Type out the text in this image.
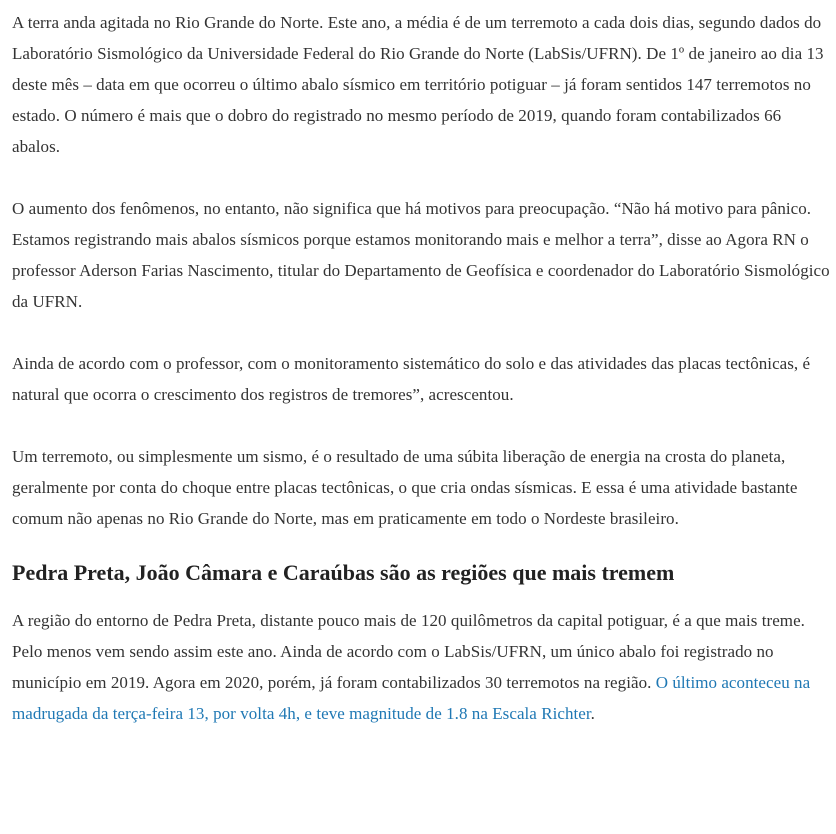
A terra anda agitada no Rio Grande do Norte. Este ano, a média é de um terremoto a cada dois dias, segundo dados do Laboratório Sismológico da Universidade Federal do Rio Grande do Norte (LabSis/UFRN). De 1º de janeiro ao dia 13 deste mês – data em que ocorreu o último abalo sísmico em território potiguar – já foram sentidos 147 terremotos no estado. O número é mais que o dobro do registrado no mesmo período de 2019, quando foram contabilizados 66 abalos.

O aumento dos fenômenos, no entanto, não significa que há motivos para preocupação. “Não há motivo para pânico. Estamos registrando mais abalos sísmicos porque estamos monitorando mais e melhor a terra”, disse ao Agora RN o professor Aderson Farias Nascimento, titular do Departamento de Geofísica e coordenador do Laboratório Sismológico da UFRN.

Ainda de acordo com o professor, com o monitoramento sistemático do solo e das atividades das placas tectônicas, é natural que ocorra o crescimento dos registros de tremores”, acrescentou.

Um terremoto, ou simplesmente um sismo, é o resultado de uma súbita liberação de energia na crosta do planeta, geralmente por conta do choque entre placas tectônicas, o que cria ondas sísmicas. E essa é uma atividade bastante comum não apenas no Rio Grande do Norte, mas em praticamente em todo o Nordeste brasileiro.

Pedra Preta, João Câmara e Caraúbas são as regiões que mais tremem

A região do entorno de Pedra Preta, distante pouco mais de 120 quilômetros da capital potiguar, é a que mais treme. Pelo menos vem sendo assim este ano. Ainda de acordo com o LabSis/UFRN, um único abalo foi registrado no município em 2019. Agora em 2020, porém, já foram contabilizados 30 terremotos na região. O último aconteceu na madrugada da terça-feira 13, por volta 4h, e teve magnitude de 1.8 na Escala Richter.
